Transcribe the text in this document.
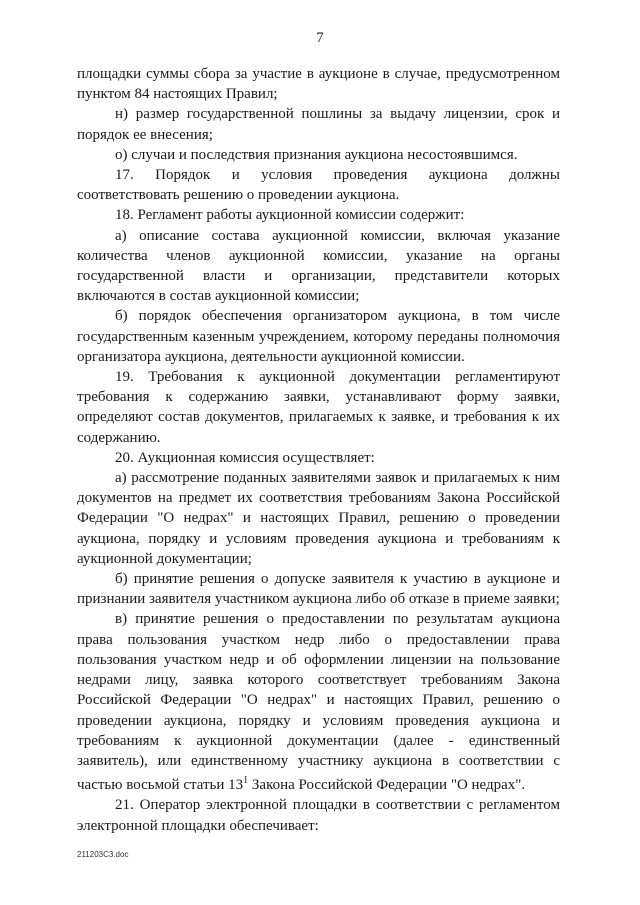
7

площадки суммы сбора за участие в аукционе в случае, предусмотренном пунктом 84 настоящих Правил;

н) размер государственной пошлины за выдачу лицензии, срок и порядок ее внесения;

о) случаи и последствия признания аукциона несостоявшимся.

17. Порядок и условия проведения аукциона должны соответствовать решению о проведении аукциона.

18. Регламент работы аукционной комиссии содержит:

а) описание состава аукционной комиссии, включая указание количества членов аукционной комиссии, указание на органы государственной власти и организации, представители которых включаются в состав аукционной комиссии;

б) порядок обеспечения организатором аукциона, в том числе государственным казенным учреждением, которому переданы полномочия организатора аукциона, деятельности аукционной комиссии.

19. Требования к аукционной документации регламентируют требования к содержанию заявки, устанавливают форму заявки, определяют состав документов, прилагаемых к заявке, и требования к их содержанию.

20. Аукционная комиссия осуществляет:

а) рассмотрение поданных заявителями заявок и прилагаемых к ним документов на предмет их соответствия требованиям Закона Российской Федерации "О недрах" и настоящих Правил, решению о проведении аукциона, порядку и условиям проведения аукциона и требованиям к аукционной документации;

б) принятие решения о допуске заявителя к участию в аукционе и признании заявителя участником аукциона либо об отказе в приеме заявки;

в) принятие решения о предоставлении по результатам аукциона права пользования участком недр либо о предоставлении права пользования участком недр и об оформлении лицензии на пользование недрами лицу, заявка которого соответствует требованиям Закона Российской Федерации "О недрах" и настоящих Правил, решению о проведении аукциона, порядку и условиям проведения аукциона и требованиям к аукционной документации (далее - единственный заявитель), или единственному участнику аукциона в соответствии с частью восьмой статьи $13^1$ Закона Российской Федерации "О недрах".

21. Оператор электронной площадки в соответствии с регламентом электронной площадки обеспечивает:

211203C3.doc
